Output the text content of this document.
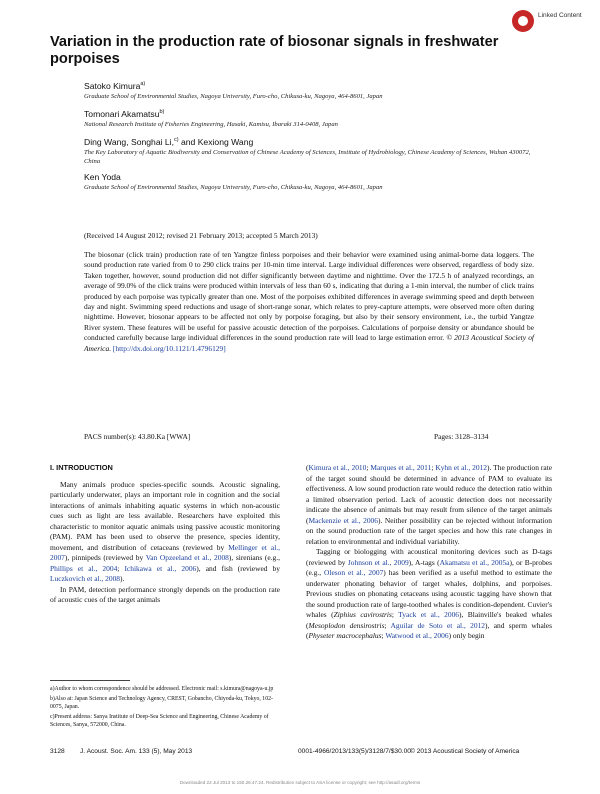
Linked Content
Variation in the production rate of biosonar signals in freshwater porpoises
Satoko Kimura$^{a)}$
Graduate School of Environmental Studies, Nagoya University, Furo-cho, Chikusa-ku, Nagoya, 464-8601, Japan
Tomonari Akamatsu$^{b)}$
National Research Institute of Fisheries Engineering, Hasaki, Kamisu, Ibaraki 314-0408, Japan
Ding Wang, Songhai Li,$^{c)}$ and Kexiong Wang
The Key Laboratory of Aquatic Biodiversity and Conservation of Chinese Academy of Sciences, Institute of Hydrobiology, Chinese Academy of Sciences, Wuhan 430072, China
Ken Yoda
Graduate School of Environmental Studies, Nagoya University, Furo-cho, Chikusa-ku, Nagoya, 464-8601, Japan
(Received 14 August 2012; revised 21 February 2013; accepted 5 March 2013)
The biosonar (click train) production rate of ten Yangtze finless porpoises and their behavior were examined using animal-borne data loggers. The sound production rate varied from 0 to 290 click trains per 10-min time interval. Large individual differences were observed, regardless of body size. Taken together, however, sound production did not differ significantly between daytime and nighttime. Over the 172.5 h of analyzed recordings, an average of 99.0% of the click trains were produced within intervals of less than 60 s, indicating that during a 1-min interval, the number of click trains produced by each porpoise was typically greater than one. Most of the porpoises exhibited differences in average swimming speed and depth between day and night. Swimming speed reductions and usage of short-range sonar, which relates to prey-capture attempts, were observed more often during nighttime. However, biosonar appears to be affected not only by porpoise foraging, but also by their sensory environment, i.e., the turbid Yangtze River system. These features will be useful for passive acoustic detection of the porpoises. Calculations of porpoise density or abundance should be conducted carefully because large individual differences in the sound production rate will lead to large estimation error. © 2013 Acoustical Society of America. [http://dx.doi.org/10.1121/1.4796129]
PACS number(s): 43.80.Ka [WWA]	Pages: 3128–3134
I. INTRODUCTION

Many animals produce species-specific sounds. Acoustic signaling, particularly underwater, plays an important role in cognition and the social interactions of animals inhabiting aquatic systems in which non-acoustic cues such as light are less available. Researchers have exploited this characteristic to monitor aquatic animals using passive acoustic monitoring (PAM). PAM has been used to observe the presence, species identity, movement, and distribution of cetaceans (reviewed by Mellinger et al., 2007), pinnipeds (reviewed by Van Opzeeland et al., 2008), sirenians (e.g., Phillips et al., 2004; Ichikawa et al., 2006), and fish (reviewed by Luczkovich et al., 2008).

In PAM, detection performance strongly depends on the production rate of acoustic cues of the target animals

(Kimura et al., 2010; Marques et al., 2011; Kyhn et al., 2012). The production rate of the target sound should be determined in advance of PAM to evaluate its effectiveness. A low sound production rate would reduce the detection ratio within a limited observation period. Lack of acoustic detection does not necessarily indicate the absence of animals but may result from silence of the target animals (Mackenzie et al., 2006). Neither possibility can be rejected without information on the sound production rate of the target species and how this rate changes in relation to environmental and individual variability.

Tagging or biologging with acoustical monitoring devices such as D-tags (reviewed by Johnson et al., 2009), A-tags (Akamatsu et al., 2005a), or B-probes (e.g., Oleson et al., 2007) has been verified as a useful method to estimate the underwater phonating behavior of target whales, dolphins, and porpoises. Previous studies on phonating cetaceans using acoustic tagging have shown that the sound production rate of large-toothed whales is condition-dependent. Cuvier's whales (Ziphius cavirostris; Tyack et al., 2006), Blainville's beaked whales (Mesoplodon densirostris; Aguilar de Soto et al., 2012), and sperm whales (Physeter macrocephalus; Watwood et al., 2006) only begin

a)Author to whom correspondence should be addressed. Electronic mail: s.kimura@nagoya-u.jp

b)Also at: Japan Science and Technology Agency, CREST, Gobancho, Chiyoda-ku, Tokyo, 102-0075, Japan.

c)Present address: Sanya Institute of Deep-Sea Science and Engineering, Chinese Academy of Sciences, Sanya, 572000, China.

3128 J. Acoust. Soc. Am. 133 (5), May 2013	0001-4966/2013/133(5)/3128/7/$30.00 © 2013 Acoustical Society of America
Downloaded 22 Jul 2013 to 150.26.47.24. Redistribution subject to ASA license or copyright; see http://asadl.org/terms
